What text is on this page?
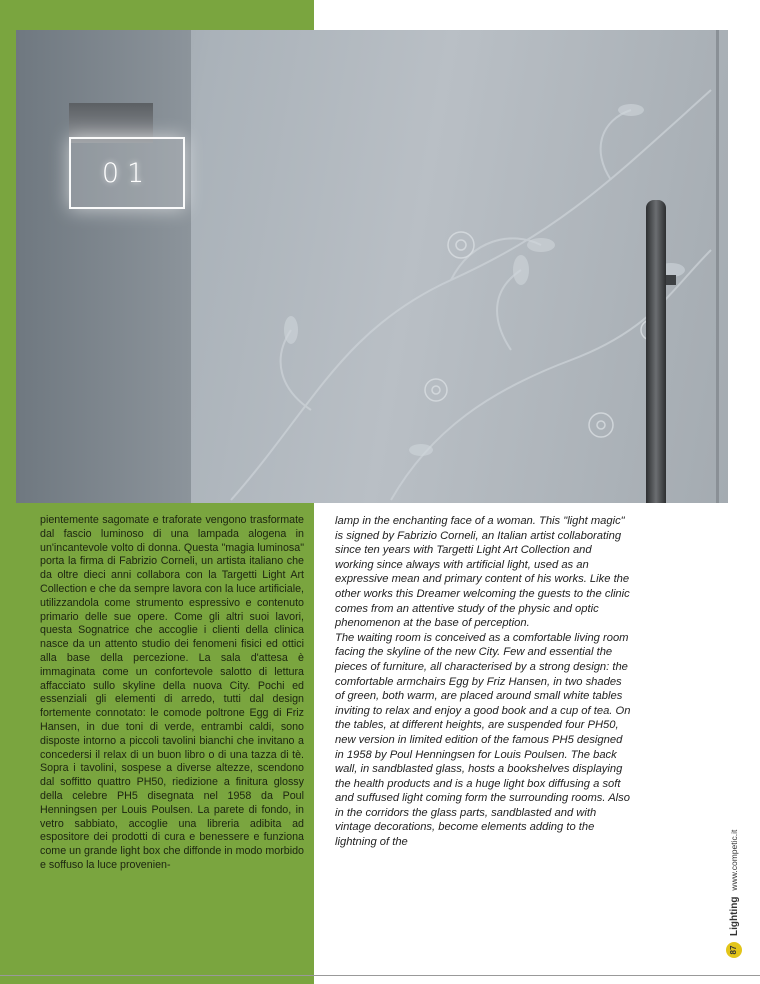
01
pientemente sagomate e traforate vengono trasformate dal fascio luminoso di una lampada alogena in un'incantevole volto di donna. Questa "magia luminosa" porta la firma di Fabrizio Corneli, un artista italiano che da oltre dieci anni collabora con la Targetti Light Art Collection e che da sempre lavora con la luce artificiale, utilizzandola come strumento espressivo e contenuto primario delle sue opere. Come gli altri suoi lavori, questa Sognatrice che accoglie i clienti della clinica nasce da un attento studio dei fenomeni fisici ed ottici alla base della percezione. La sala d'attesa è immaginata come un confortevole salotto di lettura affacciato sullo skyline della nuova City. Pochi ed essenziali gli elementi di arredo, tutti dal design fortemente connotato: le comode poltrone Egg di Friz Hansen, in due toni di verde, entrambi caldi, sono disposte intorno a piccoli tavolini bianchi che invitano a concedersi il relax di un buon libro o di una tazza di tè. Sopra i tavolini, sospese a diverse altezze, scendono dal soffitto quattro PH50, riedizione a finitura glossy della celebre PH5 disegnata nel 1958 da Poul Henningsen per Louis Poulsen. La parete di fondo, in vetro sabbiato, accoglie una libreria adibita ad espositore dei prodotti di cura e benessere e funziona come un grande light box che diffonde in modo morbido e soffuso la luce provenien-

lamp in the enchanting face of a woman. This "light magic" is signed by Fabrizio Corneli, an Italian artist collaborating since ten years with Targetti Light Art Collection and working since always with artificial light, used as an expressive mean and primary content of his works. Like the other works this Dreamer welcoming the guests to the clinic comes from an attentive study of the physic and optic phenomenon at the base of perception.

The waiting room is conceived as a comfortable living room facing the skyline of the new City. Few and essential the pieces of furniture, all characterised by a strong design: the comfortable armchairs Egg by Friz Hansen, in two shades of green, both warm, are placed around small white tables inviting to relax and enjoy a good book and a cup of tea. On the tables, at different heights, are suspended four PH50, new version in limited edition of the famous PH5 designed in 1958 by Poul Henningsen for Louis Poulsen. The back wall, in sandblasted glass, hosts a bookshelves displaying the health products and is a huge light box diffusing a soft and suffused light coming form the surrounding rooms. Also in the corridors the glass parts, sandblasted and with vintage decorations, become elements adding to the lightning of the

87
Lighting
www.competic.it
